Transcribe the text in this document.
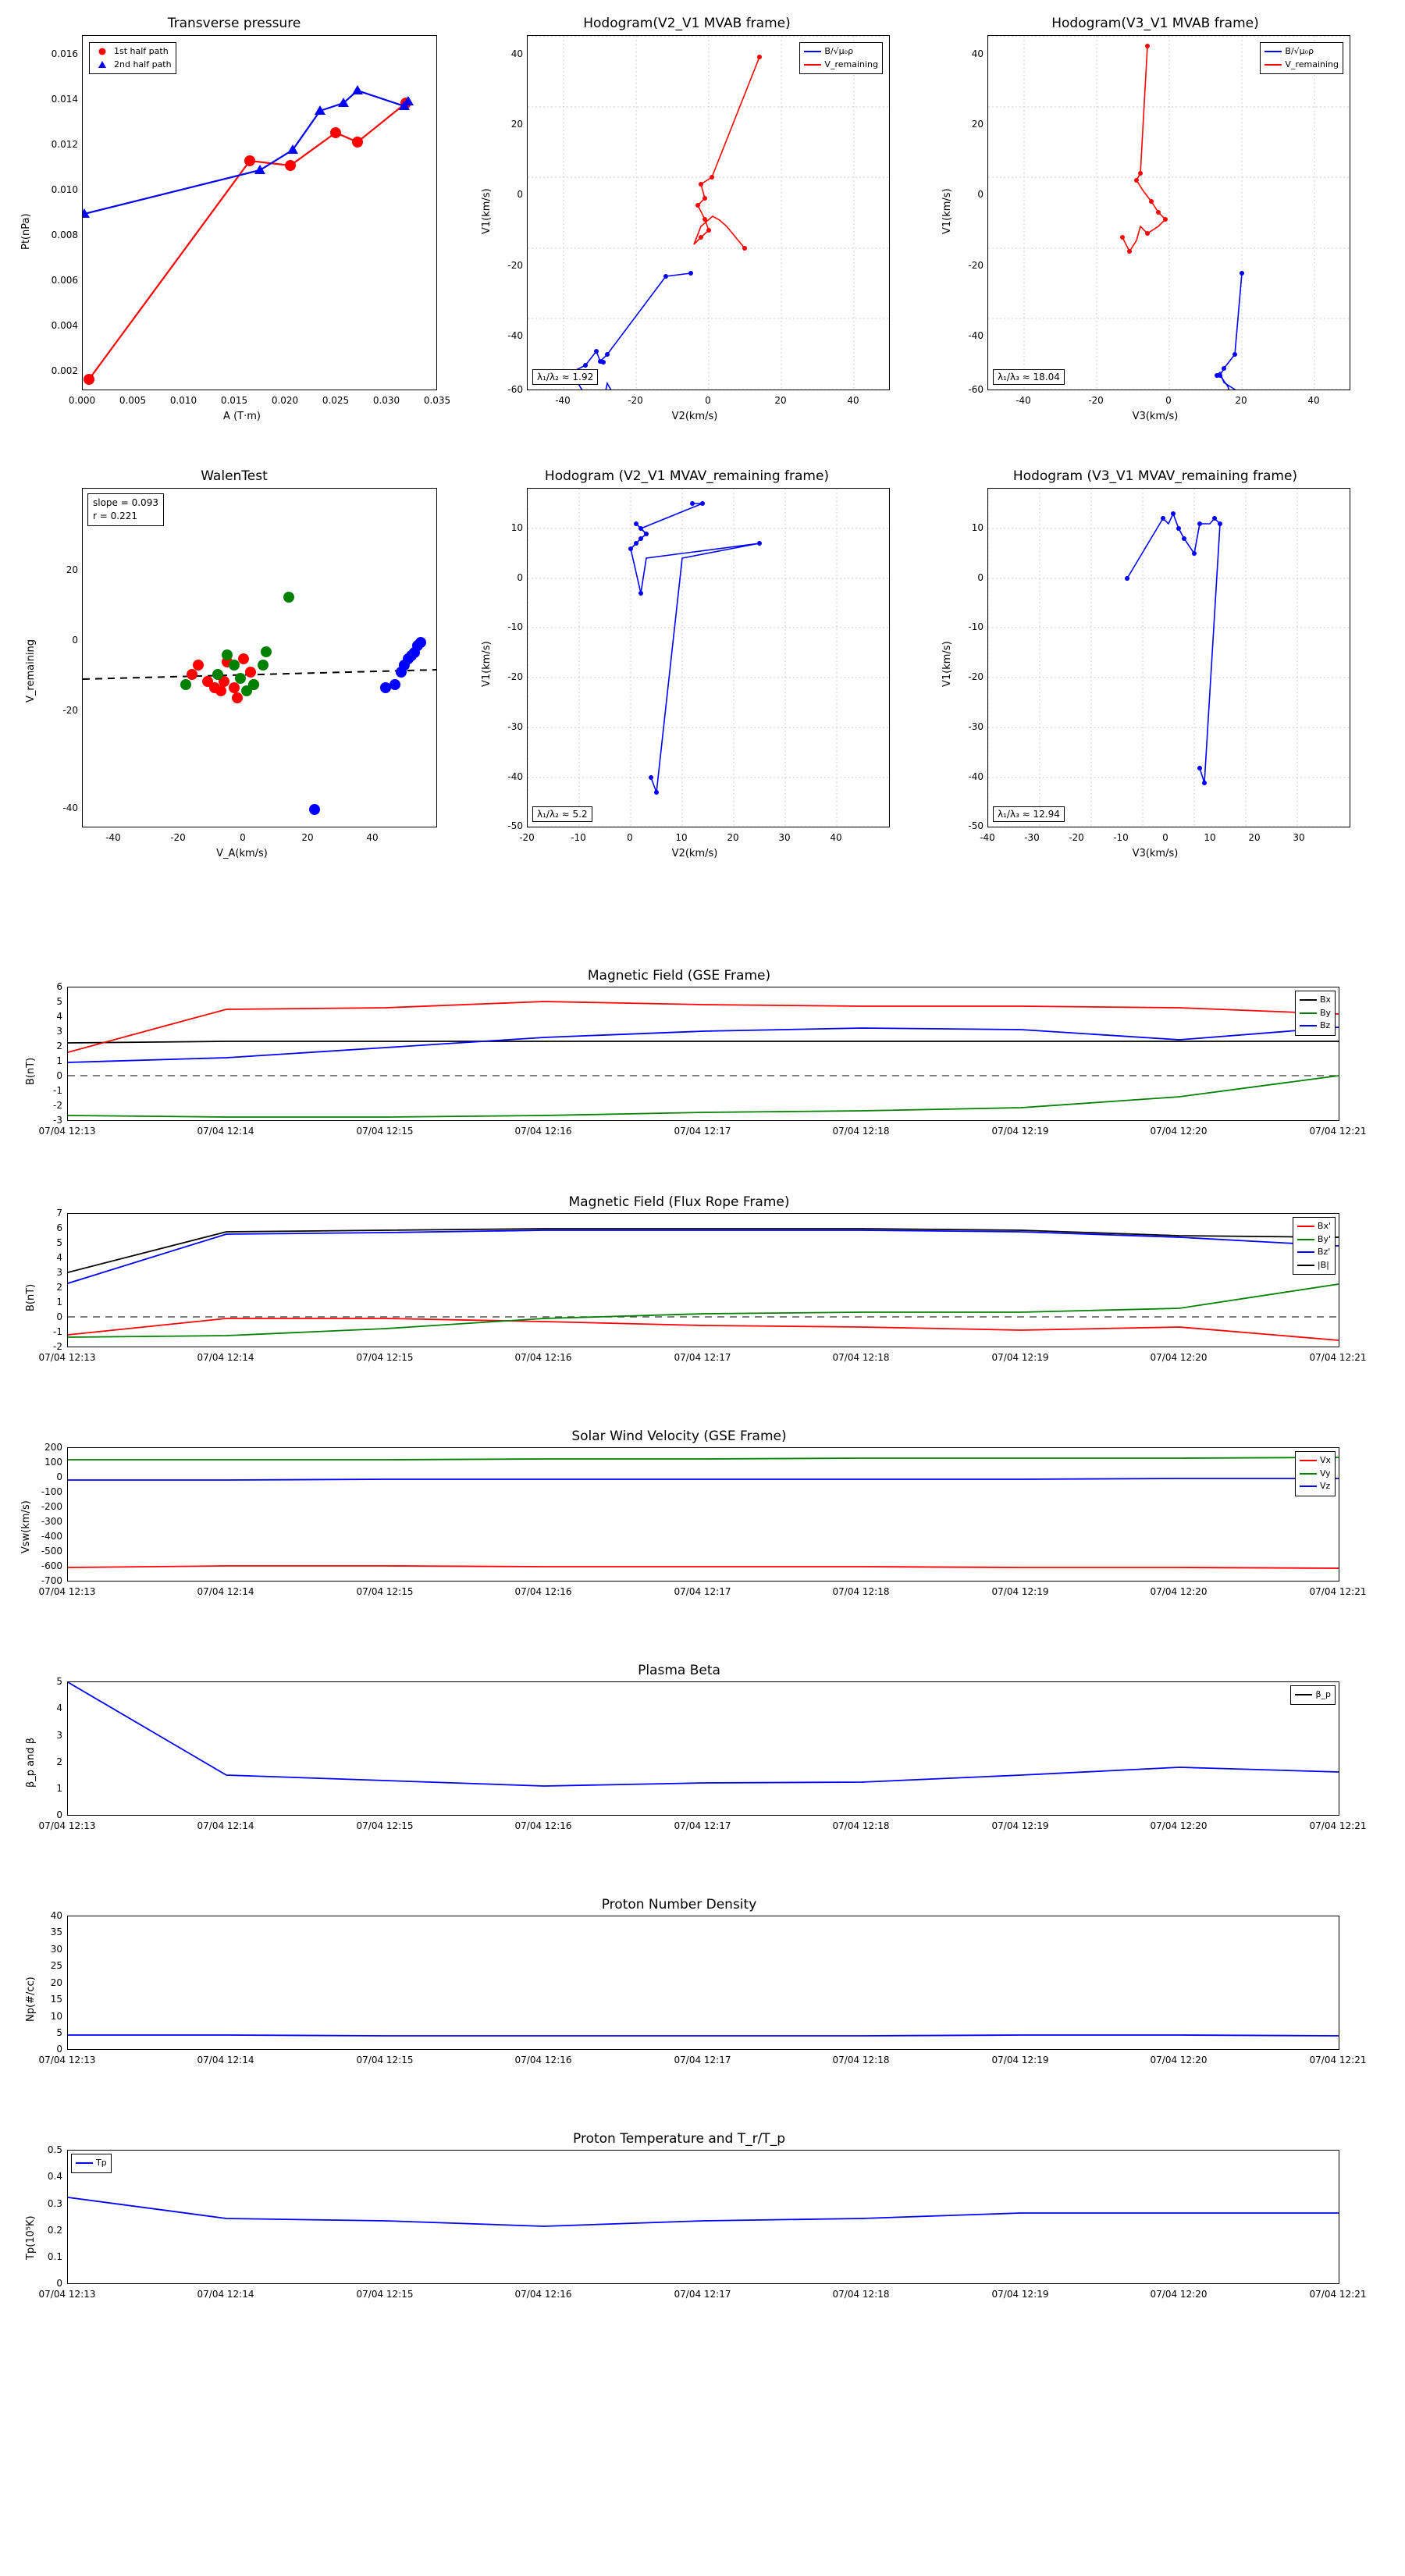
Transverse pressure
Pt(nPa)
1st half path
2nd half path
0.016
0.014
0.012
0.010
0.008
0.006
0.004
0.002
0.000	0.005	0.010	0.015	0.020	0.025	0.030	0.035
A (T·m)
Hodogram(V2_V1 MVAB frame)
V1(km/s)
B/√μ₀ρ
V_remaining
λ₁/λ₂ ≈ 1.92
40
20
0
-20
-40
-60
-40	-20	0	20	40
V2(km/s)
Hodogram(V3_V1 MVAB frame)
V1(km/s)
B/√μ₀ρ
V_remaining
λ₁/λ₃ ≈ 18.04
40
20
0
-20
-40
-60
-40	-20	0	20	40
V3(km/s)
WalenTest
V_remaining
slope = 0.093
r = 0.221
20
0
-20
-40
-40	-20	0	20	40
V_A(km/s)
Hodogram (V2_V1 MVAV_remaining frame)
V1(km/s)
λ₁/λ₂ ≈ 5.2
10
0
-10
-20
-30
-40
-50
-20	-10	0	10	20	30	40
V2(km/s)
Hodogram (V3_V1 MVAV_remaining frame)
V1(km/s)
λ₁/λ₃ ≈ 12.94
10
0
-10
-20
-30
-40
-50
-40	-30	-20	-10	0	10	20	30
V3(km/s)
Magnetic Field (GSE Frame)
B(nT)
Bx
By
Bz
6
5
4
3
2
1
0
-1
-2
-3
07/04 12:13	07/04 12:14	07/04 12:15	07/04 12:16	07/04 12:17	07/04 12:18	07/04 12:19	07/04 12:20	07/04 12:21
Magnetic Field (Flux Rope Frame)
B(nT)
Bx'
By'
Bz'
|B|
7
6
5
4
3
2
1
0
-1
-2
07/04 12:13	07/04 12:14	07/04 12:15	07/04 12:16	07/04 12:17	07/04 12:18	07/04 12:19	07/04 12:20	07/04 12:21
Solar Wind Velocity (GSE Frame)
Vsw(km/s)
Vx
Vy
Vz
200
100
0
-100
-200
-300
-400
-500
-600
-700
07/04 12:13	07/04 12:14	07/04 12:15	07/04 12:16	07/04 12:17	07/04 12:18	07/04 12:19	07/04 12:20	07/04 12:21
Plasma Beta
β_p and β
β_p
5
4
3
2
1
0
07/04 12:13	07/04 12:14	07/04 12:15	07/04 12:16	07/04 12:17	07/04 12:18	07/04 12:19	07/04 12:20	07/04 12:21
Proton Number Density
Np(#/cc)
40
35
30
25
20
15
10
5
0
07/04 12:13	07/04 12:14	07/04 12:15	07/04 12:16	07/04 12:17	07/04 12:18	07/04 12:19	07/04 12:20	07/04 12:21
Proton Temperature and T_r/T_p
Tp(10⁵K)
Tp
0.5
0.4
0.3
0.2
0.1
0
07/04 12:13	07/04 12:14	07/04 12:15	07/04 12:16	07/04 12:17	07/04 12:18	07/04 12:19	07/04 12:20	07/04 12:21
